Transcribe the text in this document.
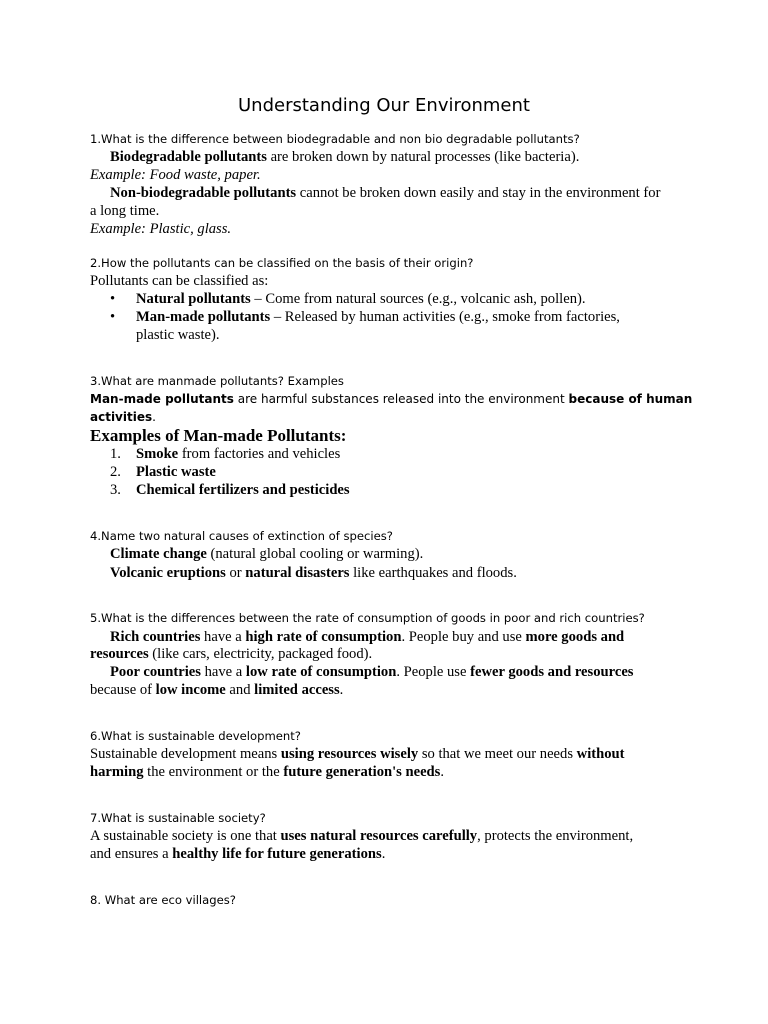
Understanding Our Environment
1.What is the difference between biodegradable and non bio degradable pollutants?
Biodegradable pollutants are broken down by natural processes (like bacteria).
Example: Food waste, paper.
Non-biodegradable pollutants cannot be broken down easily and stay in the environment for
a long time.
Example: Plastic, glass.
2.How the pollutants can be classified on the basis of their origin?
Pollutants can be classified as:
•	Natural pollutants – Come from natural sources (e.g., volcanic ash, pollen).
•	Man-made pollutants – Released by human activities (e.g., smoke from factories, plastic waste).
3.What are manmade pollutants? Examples
Man-made pollutants are harmful substances released into the environment because of human
activities.
Examples of Man-made Pollutants:
1.	Smoke from factories and vehicles
2.	Plastic waste
3.	Chemical fertilizers and pesticides
4.Name two natural causes of extinction of species?
Climate change (natural global cooling or warming).
Volcanic eruptions or natural disasters like earthquakes and floods.
5.What is the differences between the rate of consumption of goods in poor and rich countries?
Rich countries have a high rate of consumption. People buy and use more goods and
resources (like cars, electricity, packaged food).
Poor countries have a low rate of consumption. People use fewer goods and resources
because of low income and limited access.
6.What is sustainable development?
Sustainable development means using resources wisely so that we meet our needs without
harming the environment or the future generation's needs.
7.What is sustainable society?
A sustainable society is one that uses natural resources carefully, protects the environment,
and ensures a healthy life for future generations.
8. What are eco villages?
